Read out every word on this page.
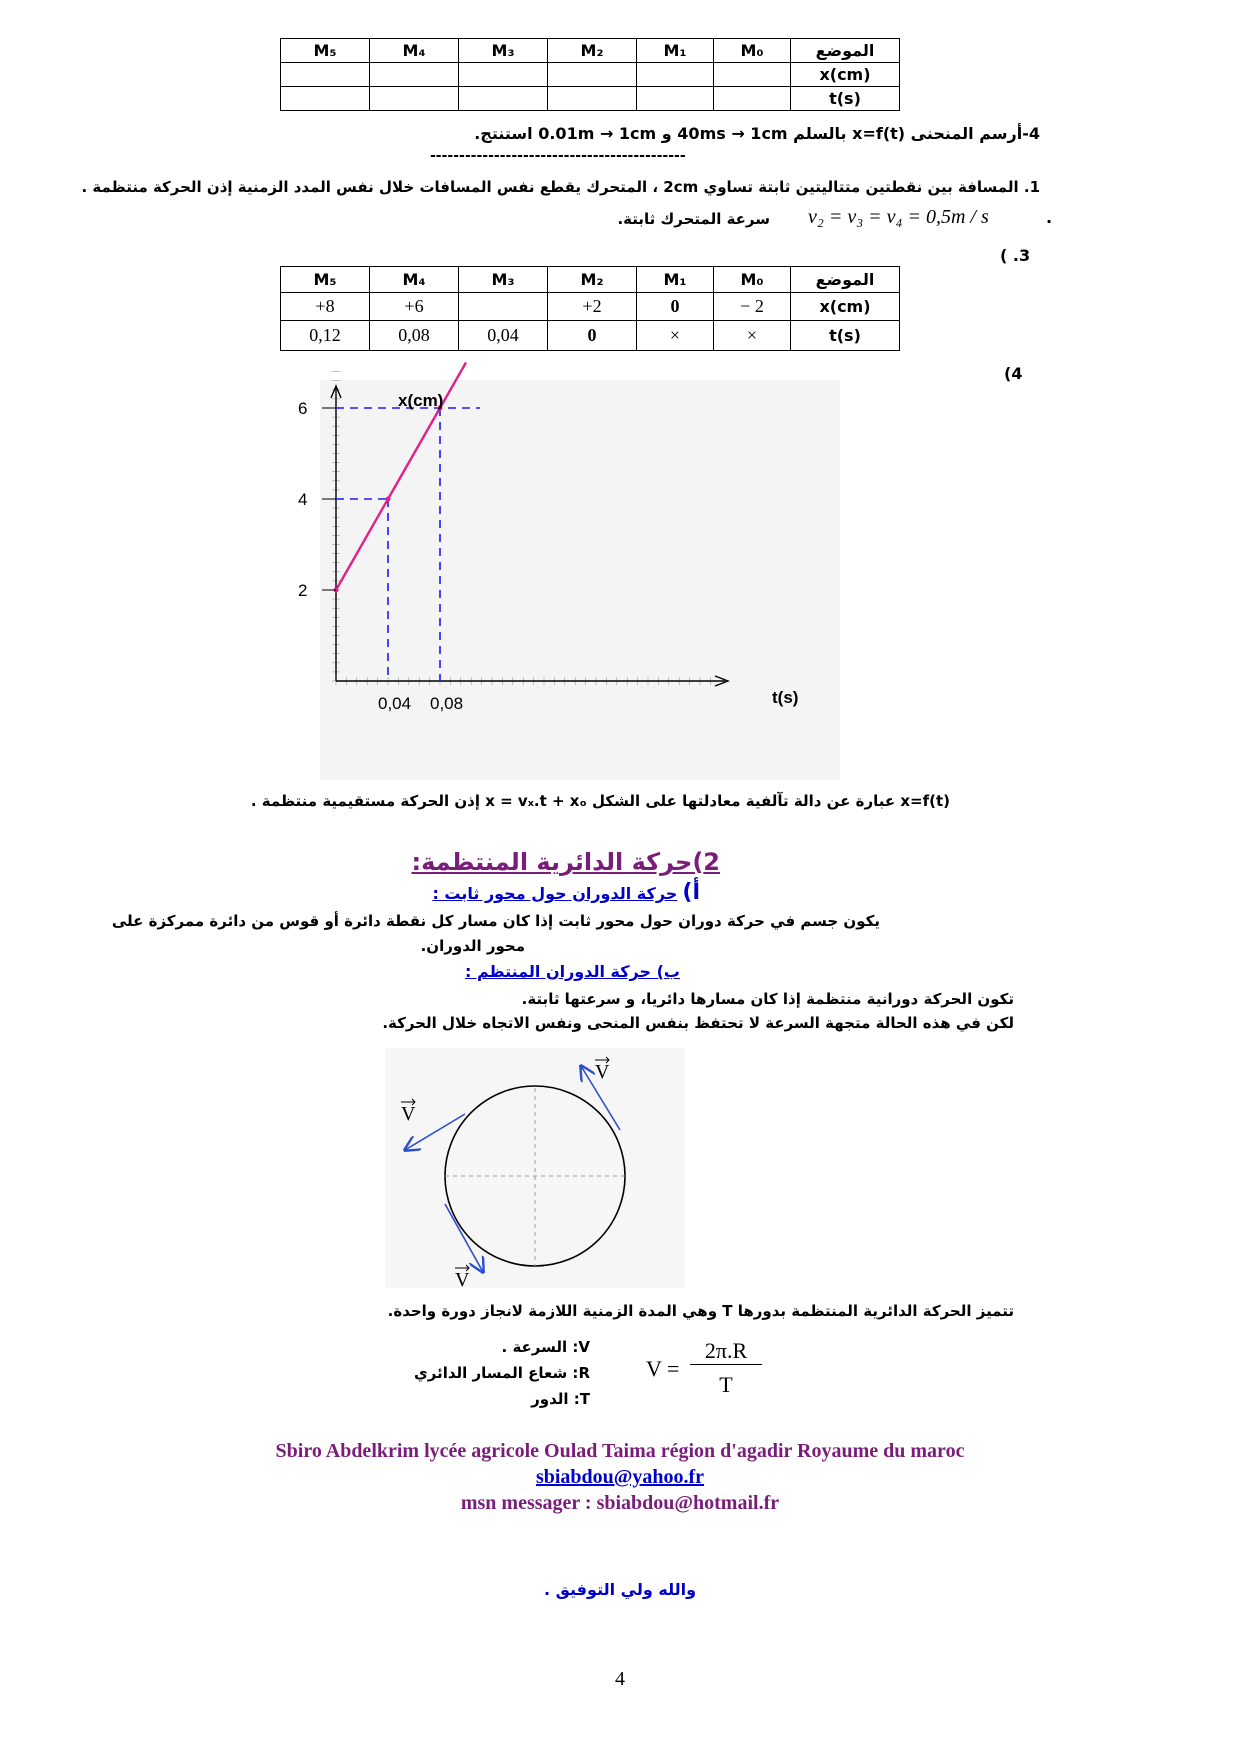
M₅	M₄	M₃	M₂	M₁	M₀	الموضع
						x(cm)
						t(s)
4-أرسم المنحنى x=f(t) بالسلم 40ms → 1cm و 0.01m → 1cm استنتج.
--------------------------------------------
1. المسافة بين نقطتين متتاليتين ثابتة تساوي 2cm ، المتحرك يقطع نفس المسافات خلال نفس المدد الزمنية إذن الحركة منتظمة .
.
v₂ = v₃ = v₄ = 0,5m / s
سرعة المتحرك ثابتة.
( .3
M₅	M₄	M₃	M₂	M₁	M₀	الموضع
+8	+6		+2	0	− 2	x(cm)
0,12	0,08	0,04	0	×	×	t(s)
(4
2
4
6
0,04 0,08
x(cm)
t(s)
x=f(t) عبارة عن دالة تآلفية معادلتها على الشكل x = vₓ.t + xₒ إذن الحركة مستقيمية منتظمة .
2)حركة الدائرية المنتظمة:
أ) حركة الدوران حول محور ثابت :
يكون جسم في حركة دوران حول محور ثابت إذا كان مسار كل نقطة دائرة أو قوس من دائرة ممركزة على
محور الدوران.
ب) حركة الدوران المنتظم :
تكون الحركة دورانية منتظمة إذا كان مسارها دائريا، و سرعتها ثابتة.
لكن في هذه الحالة متجهة السرعة لا تحتفظ بنفس المنحى ونفس الاتجاه خلال الحركة.
V
V
V
تتميز الحركة الدائرية المنتظمة بدورها T وهي المدة الزمنية اللازمة لانجاز دورة واحدة.
V =
2π.R
T
V: السرعة .
R: شعاع المسار الدائري
T: الدور
Sbiro Abdelkrim lycée agricole Oulad Taima région d'agadir Royaume du maroc
sbiabdou@yahoo.fr
msn messager : sbiabdou@hotmail.fr
والله ولي التوفيق .
4
